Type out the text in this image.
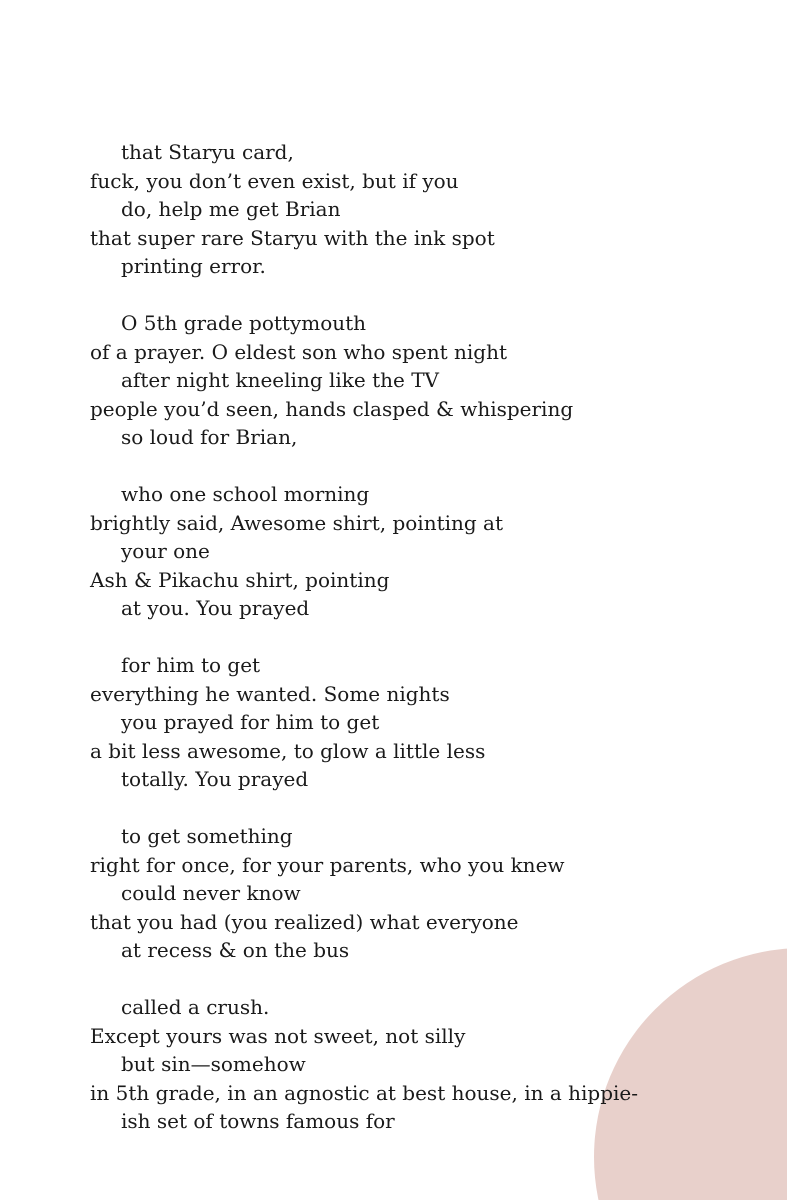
that Staryu card,
fuck, you don’t even exist, but if you
do, help me get Brian
that super rare Staryu with the ink spot
printing error.
O 5th grade pottymouth
of a prayer. O eldest son who spent night
after night kneeling like the TV
people you’d seen, hands clasped & whispering
so loud for Brian,
who one school morning
brightly said, Awesome shirt, pointing at
your one
Ash & Pikachu shirt, pointing
at you. You prayed
for him to get
everything he wanted. Some nights
you prayed for him to get
a bit less awesome, to glow a little less
totally. You prayed
to get something
right for once, for your parents, who you knew
could never know
that you had (you realized) what everyone
at recess & on the bus
called a crush.
Except yours was not sweet, not silly
but sin—somehow
in 5th grade, in an agnostic at best house, in a hippie-
ish set of towns famous for
